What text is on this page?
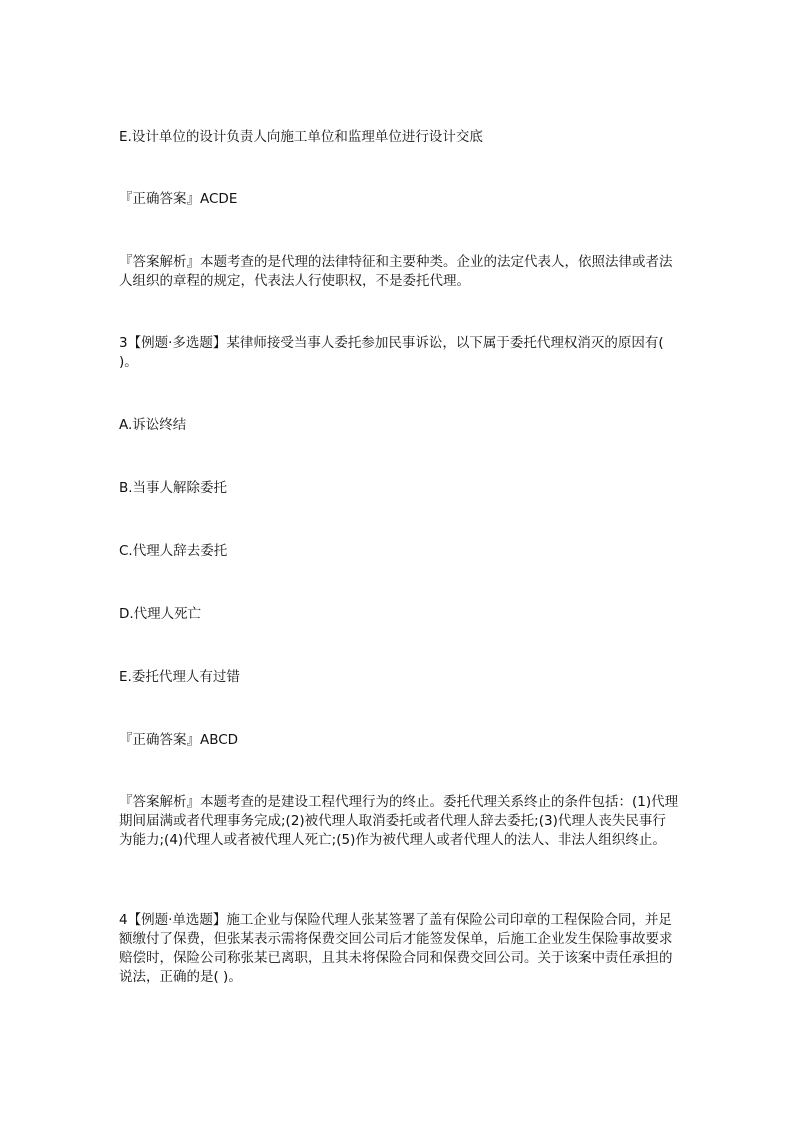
E.设计单位的设计负责人向施工单位和监理单位进行设计交底

『正确答案』ACDE

『答案解析』本题考查的是代理的法律特征和主要种类。企业的法定代表人，依照法律或者法人组织的章程的规定，代表法人行使职权，不是委托代理。

3【例题·多选题】某律师接受当事人委托参加民事诉讼，以下属于委托代理权消灭的原因有( )。

A.诉讼终结

B.当事人解除委托

C.代理人辞去委托

D.代理人死亡

E.委托代理人有过错

『正确答案』ABCD

『答案解析』本题考查的是建设工程代理行为的终止。委托代理关系终止的条件包括：(1)代理期间届满或者代理事务完成;(2)被代理人取消委托或者代理人辞去委托;(3)代理人丧失民事行为能力;(4)代理人或者被代理人死亡;(5)作为被代理人或者代理人的法人、非法人组织终止。

4【例题·单选题】施工企业与保险代理人张某签署了盖有保险公司印章的工程保险合同，并足额缴付了保费，但张某表示需将保费交回公司后才能签发保单，后施工企业发生保险事故要求赔偿时，保险公司称张某已离职，且其未将保险合同和保费交回公司。关于该案中责任承担的说法，正确的是( )。
